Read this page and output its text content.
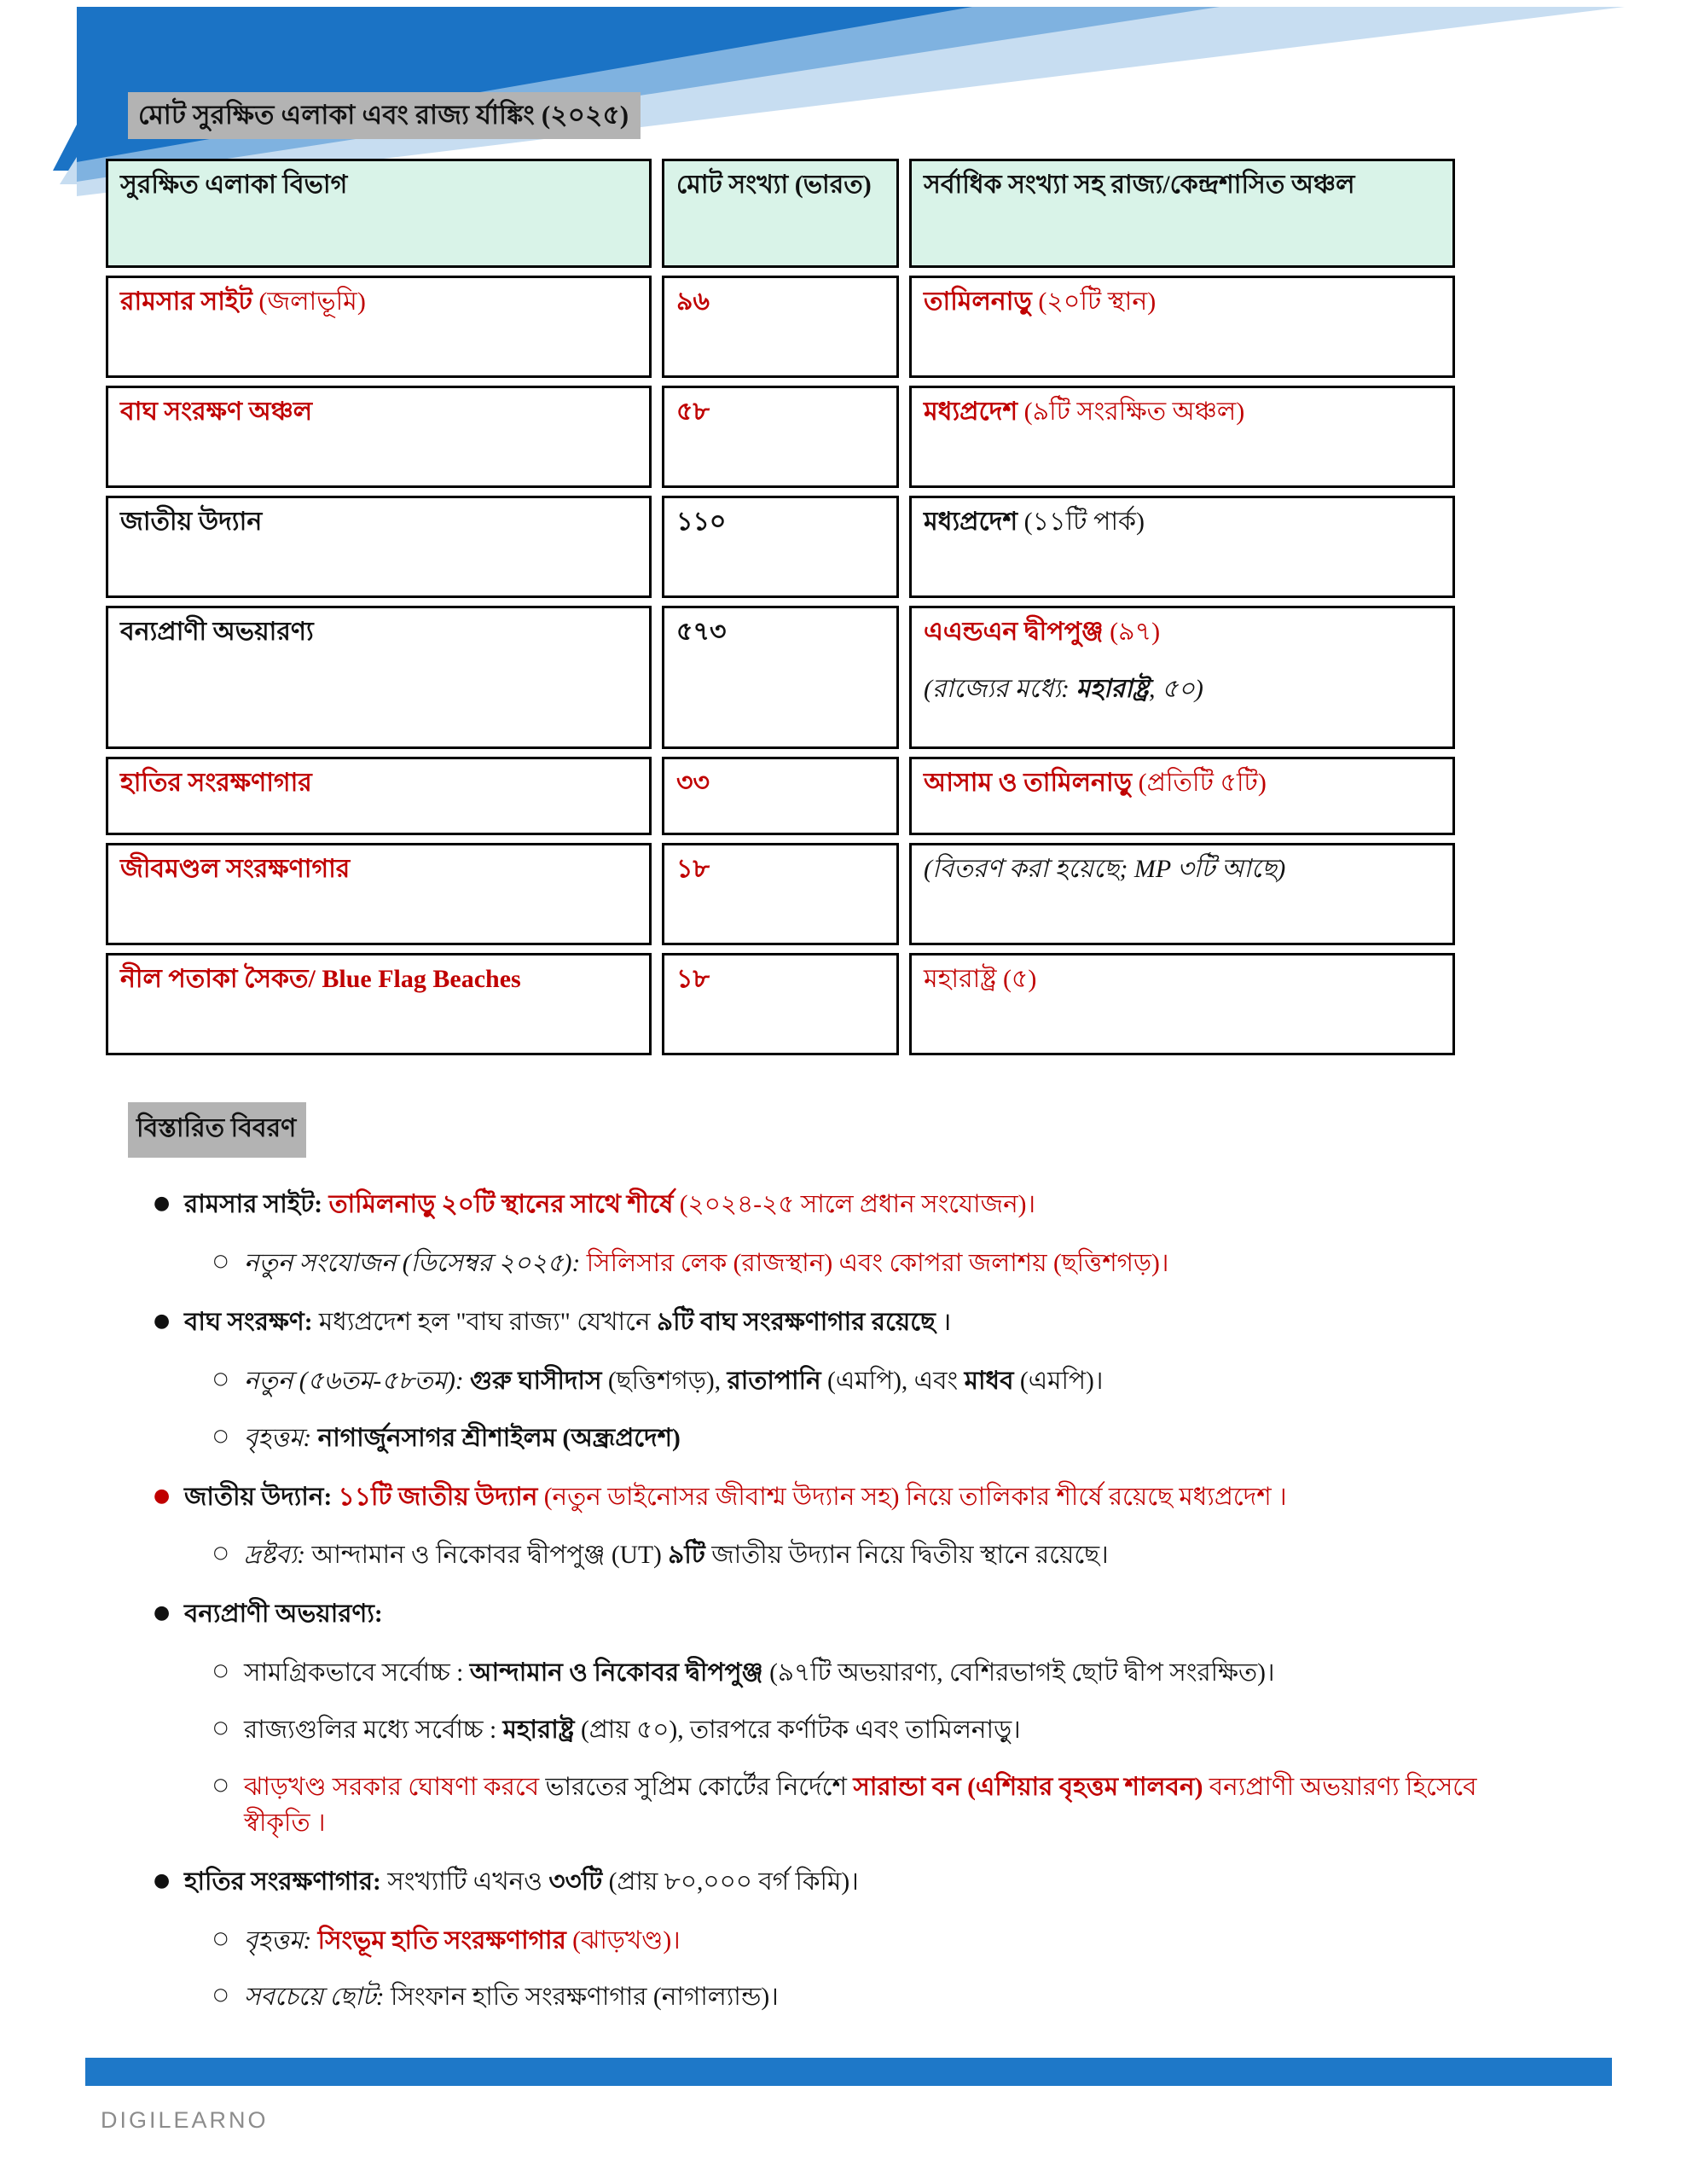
মোট সুরক্ষিত এলাকা এবং রাজ্য র্যাঙ্কিং (২০২৫)
সুরক্ষিত এলাকা বিভাগ	মোট সংখ্যা (ভারত)	সর্বাধিক সংখ্যা সহ রাজ্য/কেন্দ্রশাসিত অঞ্চল

রামসার সাইট (জলাভূমি)	৯৬	তামিলনাড়ু (২০টি স্থান)

বাঘ সংরক্ষণ অঞ্চল	৫৮	মধ্যপ্রদেশ (৯টি সংরক্ষিত অঞ্চল)

জাতীয় উদ্যান	১১০	মধ্যপ্রদেশ (১১টি পার্ক)

বন্যপ্রাণী অভয়ারণ্য	৫৭৩	এএন্ডএন দ্বীপপুঞ্জ (৯৭)
(রাজ্যের মধ্যে: মহারাষ্ট্র, ৫০)

হাতির সংরক্ষণাগার	৩৩	আসাম ও তামিলনাড়ু (প্রতিটি ৫টি)

জীবমণ্ডল সংরক্ষণাগার	১৮	(বিতরণ করা হয়েছে; MP ৩টি আছে)

নীল পতাকা সৈকত/ Blue Flag Beaches	১৮	মহারাষ্ট্র (৫)
বিস্তারিত বিবরণ
● রামসার সাইট: তামিলনাড়ু ২০টি স্থানের সাথে শীর্ষে (২০২৪-২৫ সালে প্রধান সংযোজন)।
○ নতুন সংযোজন (ডিসেম্বর ২০২৫): সিলিসার লেক (রাজস্থান) এবং কোপরা জলাশয় (ছত্তিশগড়)।
● বাঘ সংরক্ষণ: মধ্যপ্রদেশ হল "বাঘ রাজ্য" যেখানে ৯টি বাঘ সংরক্ষণাগার রয়েছে ।
○ নতুন (৫৬তম-৫৮তম): গুরু ঘাসীদাস (ছত্তিশগড়), রাতাপানি (এমপি), এবং মাধব (এমপি)।
○ বৃহত্তম: নাগার্জুনসাগর শ্রীশাইলম (অন্ধ্রপ্রদেশ)
● জাতীয় উদ্যান: ১১টি জাতীয় উদ্যান (নতুন ডাইনোসর জীবাশ্ম উদ্যান সহ) নিয়ে তালিকার শীর্ষে রয়েছে মধ্যপ্রদেশ ।
○ দ্রষ্টব্য: আন্দামান ও নিকোবর দ্বীপপুঞ্জ (UT) ৯টি জাতীয় উদ্যান নিয়ে দ্বিতীয় স্থানে রয়েছে।
● বন্যপ্রাণী অভয়ারণ্য:
○ সামগ্রিকভাবে সর্বোচ্চ : আন্দামান ও নিকোবর দ্বীপপুঞ্জ (৯৭টি অভয়ারণ্য, বেশিরভাগই ছোট দ্বীপ সংরক্ষিত)।
○ রাজ্যগুলির মধ্যে সর্বোচ্চ : মহারাষ্ট্র (প্রায় ৫০), তারপরে কর্ণাটক এবং তামিলনাড়ু।
○ ঝাড়খণ্ড সরকার ঘোষণা করবে ভারতের সুপ্রিম কোর্টের নির্দেশে সারান্ডা বন (এশিয়ার বৃহত্তম শালবন) বন্যপ্রাণী অভয়ারণ্য হিসেবে স্বীকৃতি ।
● হাতির সংরক্ষণাগার: সংখ্যাটি এখনও ৩৩টি (প্রায় ৮০,০০০ বর্গ কিমি)।
○ বৃহত্তম: সিংভূম হাতি সংরক্ষণাগার (ঝাড়খণ্ড)।
○ সবচেয়ে ছোট: সিংফান হাতি সংরক্ষণাগার (নাগাল্যান্ড)।
DIGILEARNO
